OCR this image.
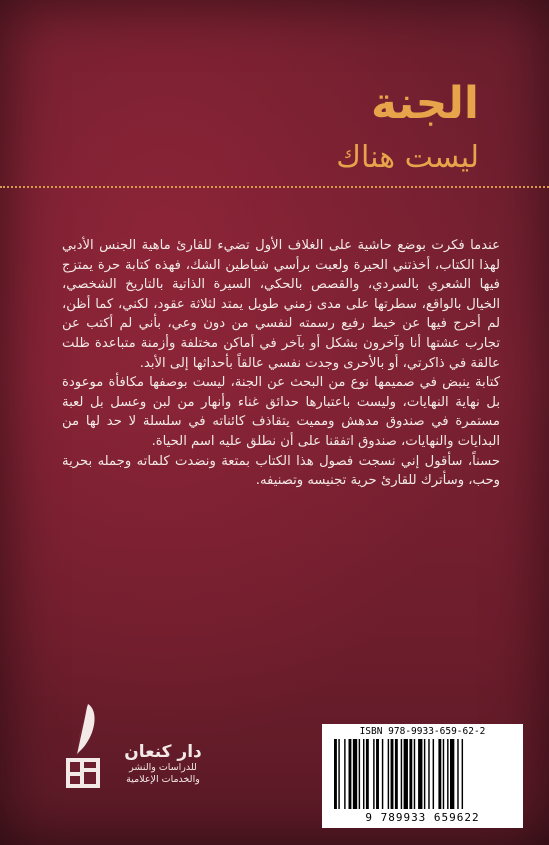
الجنة
ليست هناك

عندما فكرت بوضع حاشية على الغلاف الأول تضيء للقارئ ماهية الجنس الأدبي لهذا الكتاب، أخذتني الحيرة ولعبت برأسي شياطين الشك، فهذه كتابة حرة يمتزج فيها الشعري بالسردي، والقصص بالحكي، السيرة الذاتية بالتاريخ الشخصي، الخيال بالواقع، سطرتها على مدى زمني طويل يمتد لثلاثة عقود، لكني، كما أظن، لم أخرج فيها عن خيط رفيع رسمته لنفسي من دون وعي، بأني لم أكتب عن تجارب عشتها أنا وآخرون بشكل أو بآخر في أماكن مختلفة وأزمنة متباعدة ظلت عالقة في ذاكرتي، أو بالأحرى وجدت نفسي عالقاً بأحداثها إلى الأبد.

كتابة ينبض في صميمها نوع من البحث عن الجنة، ليست بوصفها مكافأة موعودة بل نهاية النهايات، وليست باعتبارها حدائق غناء وأنهار من لبن وعسل بل لعبة مستمرة في صندوق مدهش ومميت يتقاذف كائناته في سلسلة لا حد لها من البدايات والنهايات، صندوق اتفقنا على أن نطلق عليه اسم الحياة.

حسناً، سأقول إني نسجت فصول هذا الكتاب بمتعة ونضدت كلماته وجمله بحرية وحب، وسأترك للقارئ حرية تجنيسه وتصنيفه.

دار كنعان
للدراسات والنشر
والخدمات الإعلامية
ISBN 978-9933-659-62-2
9 789933 659622
